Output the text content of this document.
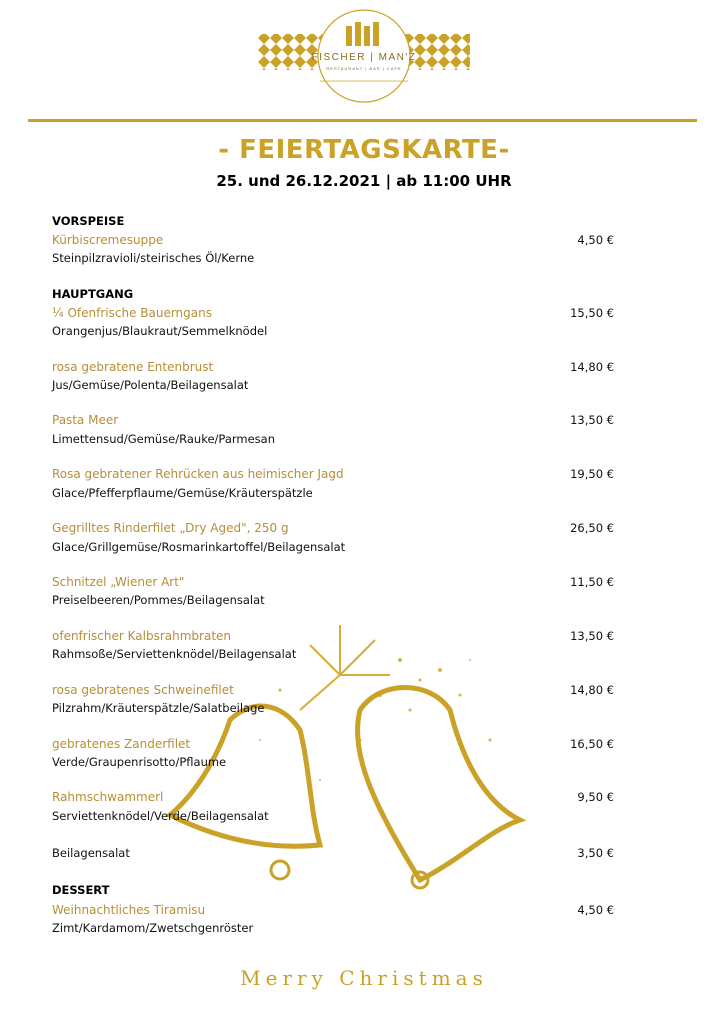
FISCHER | MAN'Z
RESTAURANT | BAR | CAFE
- FEIERTAGSKARTE-
25. und 26.12.2021 | ab 11:00 UHR
VORSPEISE
Kürbiscremesuppe	4,50 €
Steinpilzravioli/steirisches Öl/Kerne
HAUPTGANG
¼ Ofenfrische Bauerngans	15,50 €
Orangenjus/Blaukraut/Semmelknödel
rosa gebratene Entenbrust	14,80 €
Jus/Gemüse/Polenta/Beilagensalat
Pasta Meer	13,50 €
Limettensud/Gemüse/Rauke/Parmesan
Rosa gebratener Rehrücken aus heimischer Jagd	19,50 €
Glace/Pfefferpflaume/Gemüse/Kräuterspätzle
Gegrilltes Rinderfilet „Dry Aged", 250 g	26,50 €
Glace/Grillgemüse/Rosmarinkartoffel/Beilagensalat
Schnitzel „Wiener Art"	11,50 €
Preiselbeeren/Pommes/Beilagensalat
ofenfrischer Kalbsrahmbraten	13,50 €
Rahmsoße/Serviettenknödel/Beilagensalat
rosa gebratenes Schweinefilet	14,80 €
Pilzrahm/Kräuterspätzle/Salatbeilage
gebratenes Zanderfilet	16,50 €
Verde/Graupenrisotto/Pflaume
Rahmschwammerl	9,50 €
Serviettenknödel/Verde/Beilagensalat
Beilagensalat	3,50 €
DESSERT
Weihnachtliches Tiramisu	4,50 €
Zimt/Kardamom/Zwetschgenröster
Merry Christmas
